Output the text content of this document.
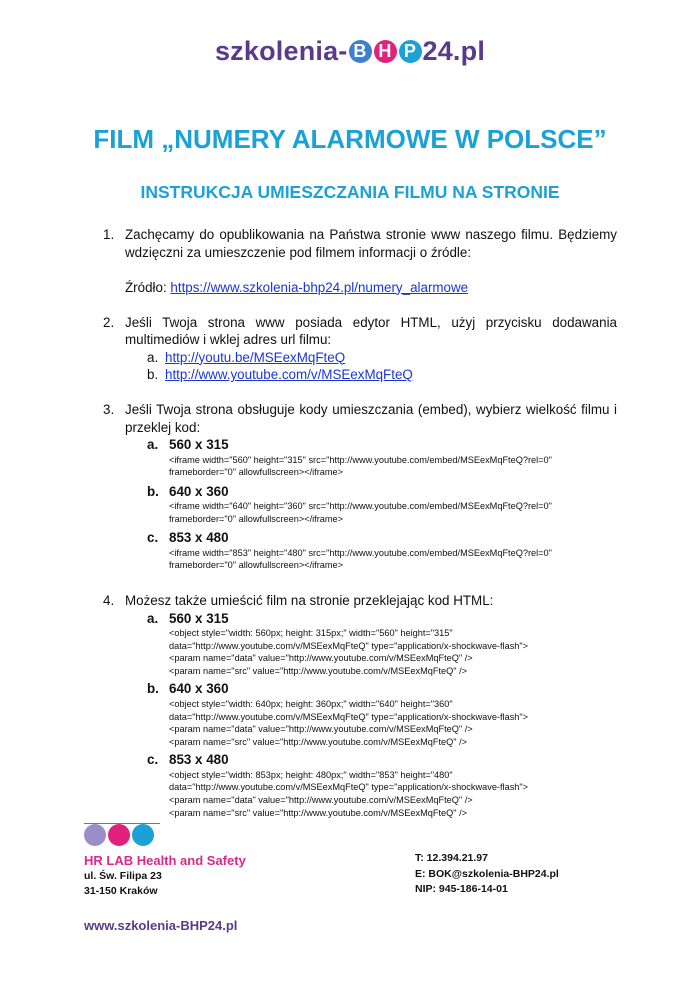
szkolenia- B H P 24.pl
FILM „NUMERY ALARMOWE W POLSCE”
INSTRUKCJA UMIESZCZANIA FILMU NA STRONIE
1. Zachęcamy do opublikowania na Państwa stronie www naszego filmu. Będziemy wdzięczni za umieszczenie pod filmem informacji o źródle:
Źródło: https://www.szkolenia-bhp24.pl/numery_alarmowe
2. Jeśli Twoja strona www posiada edytor HTML, użyj przycisku dodawania multimediów i wklej adres url filmu:
a. http://youtu.be/MSEexMqFteQ
b. http://www.youtube.com/v/MSEexMqFteQ
3. Jeśli Twoja strona obsługuje kody umieszczania (embed), wybierz wielkość filmu i przeklej kod:
a. 560 x 315
<iframe width="560" height="315" src="http://www.youtube.com/embed/MSEexMqFteQ?rel=0"
frameborder="0" allowfullscreen></iframe>
b. 640 x 360
<iframe width="640" height="360" src="http://www.youtube.com/embed/MSEexMqFteQ?rel=0"
frameborder="0" allowfullscreen></iframe>
c. 853 x 480
<iframe width="853" height="480" src="http://www.youtube.com/embed/MSEexMqFteQ?rel=0"
frameborder="0" allowfullscreen></iframe>
4. Możesz także umieścić film na stronie przeklejając kod HTML:
a. 560 x 315
<object style="width: 560px; height: 315px;" width="560" height="315"
data="http://www.youtube.com/v/MSEexMqFteQ" type="application/x-shockwave-flash">
<param name="data" value="http://www.youtube.com/v/MSEexMqFteQ" />
<param name="src" value="http://www.youtube.com/v/MSEexMqFteQ" />
b. 640 x 360
<object style="width: 640px; height: 360px;" width="640" height="360"
data="http://www.youtube.com/v/MSEexMqFteQ" type="application/x-shockwave-flash">
<param name="data" value="http://www.youtube.com/v/MSEexMqFteQ" />
<param name="src" value="http://www.youtube.com/v/MSEexMqFteQ" />
c. 853 x 480
<object style="width: 853px; height: 480px;" width="853" height="480"
data="http://www.youtube.com/v/MSEexMqFteQ" type="application/x-shockwave-flash">
<param name="data" value="http://www.youtube.com/v/MSEexMqFteQ" />
<param name="src" value="http://www.youtube.com/v/MSEexMqFteQ" />
HR LAB Health and Safety
ul. Św. Filipa 23
31-150 Kraków
T: 12.394.21.97
E: BOK@szkolenia-BHP24.pl
NIP: 945-186-14-01
www.szkolenia-BHP24.pl
